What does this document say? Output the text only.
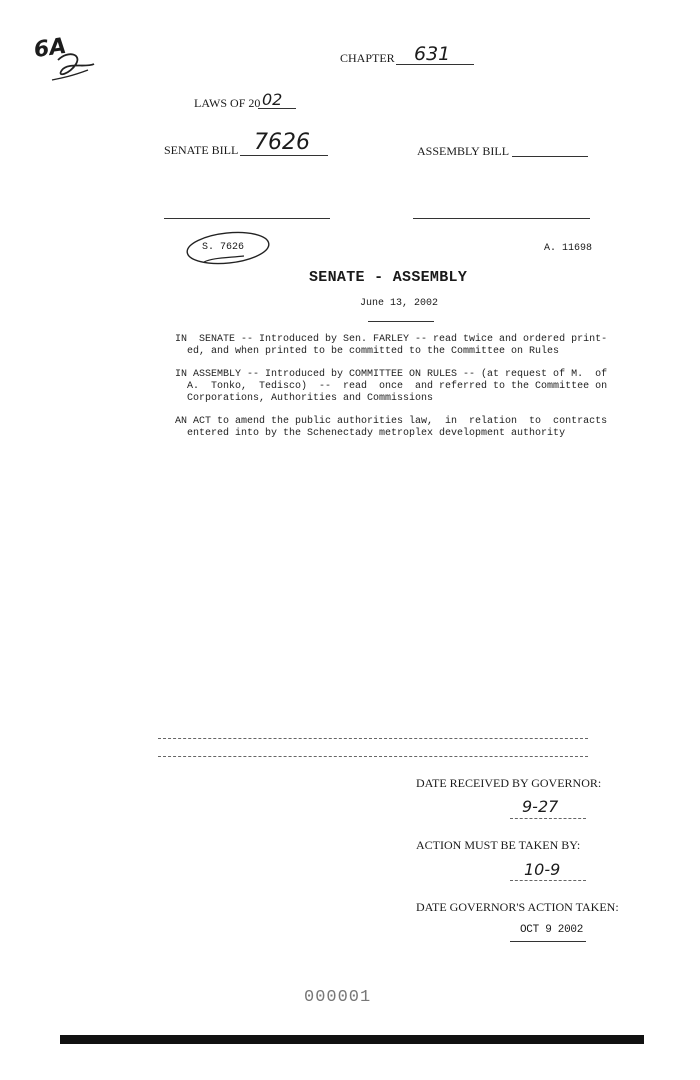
6A	CHAPTER 631
LAWS OF 20 02
SENATE BILL 7626	ASSEMBLY BILL
S. 7626	A. 11698
SENATE - ASSEMBLY
June 13, 2002
IN  SENATE -- Introduced by Sen. FARLEY -- read twice and ordered print-
ed, and when printed to be committed to the Committee on Rules
IN ASSEMBLY -- Introduced by COMMITTEE ON RULES -- (at request of M.  of
A.  Tonko,  Tedisco)  --  read  once  and referred to the Committee on
Corporations, Authorities and Commissions
AN ACT to amend the public authorities law,  in  relation  to  contracts
entered into by the Schenectady metroplex development authority
DATE RECEIVED BY GOVERNOR:
9-27
ACTION MUST BE TAKEN BY:
10-9
DATE GOVERNOR'S ACTION TAKEN:
OCT 9 2002
000001
